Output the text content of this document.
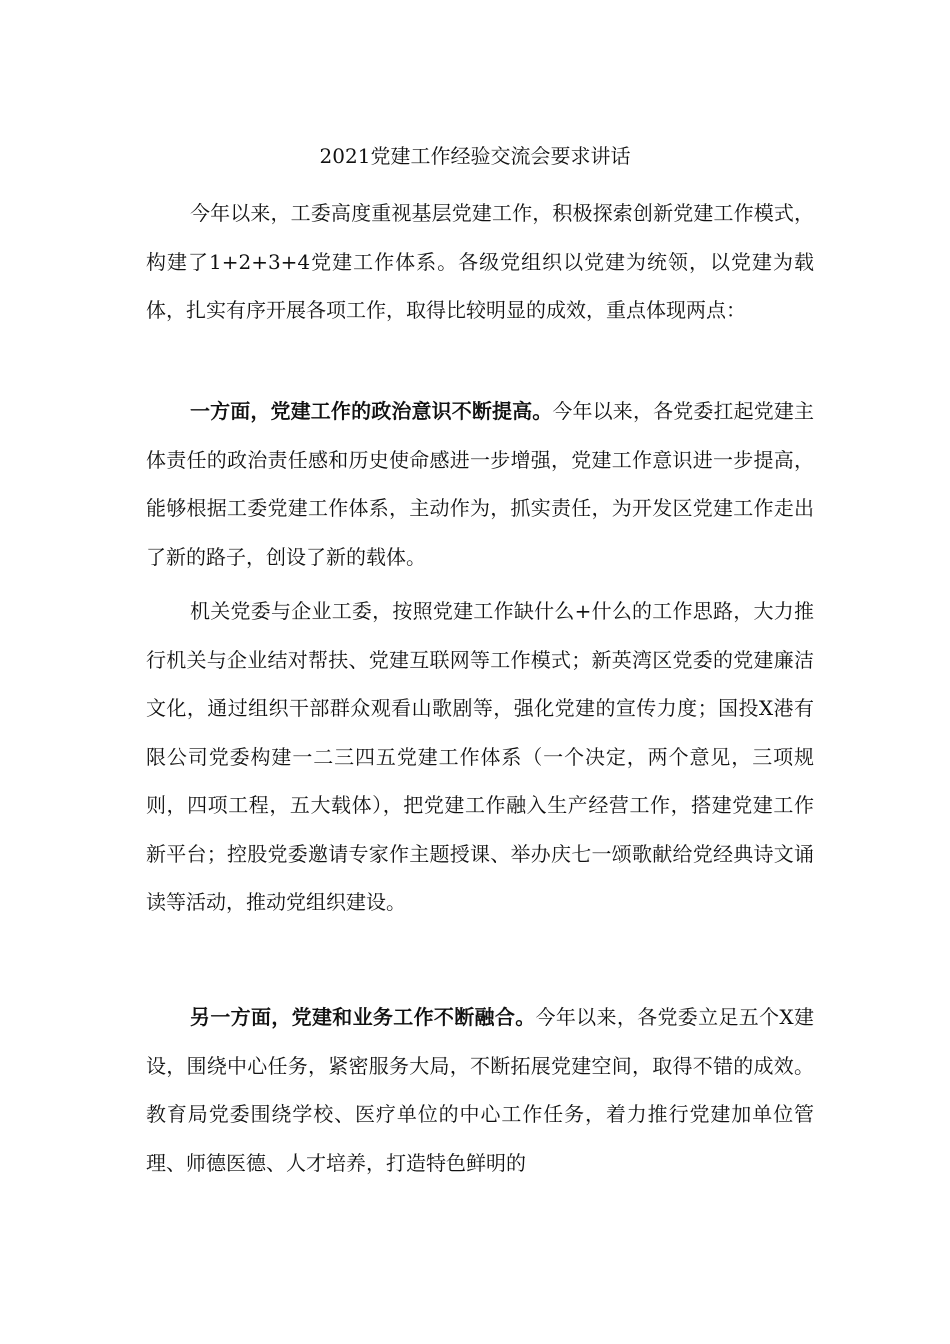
2021党建工作经验交流会要求讲话

今年以来，工委高度重视基层党建工作，积极探索创新党建工作模式，构建了1+2+3+4党建工作体系。各级党组织以党建为统领，以党建为载体，扎实有序开展各项工作，取得比较明显的成效，重点体现两点：

一方面，党建工作的政治意识不断提高。今年以来，各党委扛起党建主体责任的政治责任感和历史使命感进一步增强，党建工作意识进一步提高，能够根据工委党建工作体系，主动作为，抓实责任，为开发区党建工作走出了新的路子，创设了新的载体。

机关党委与企业工委，按照党建工作缺什么+什么的工作思路，大力推行机关与企业结对帮扶、党建互联网等工作模式；新英湾区党委的党建廉洁文化，通过组织干部群众观看山歌剧等，强化党建的宣传力度；国投X港有限公司党委构建一二三四五党建工作体系（一个决定，两个意见，三项规则，四项工程，五大载体），把党建工作融入生产经营工作，搭建党建工作新平台；控股党委邀请专家作主题授课、举办庆七一颂歌献给党经典诗文诵读等活动，推动党组织建设。

另一方面，党建和业务工作不断融合。今年以来，各党委立足五个X建设，围绕中心任务，紧密服务大局，不断拓展党建空间，取得不错的成效。教育局党委围绕学校、医疗单位的中心工作任务，着力推行党建加单位管理、师德医德、人才培养，打造特色鲜明的
